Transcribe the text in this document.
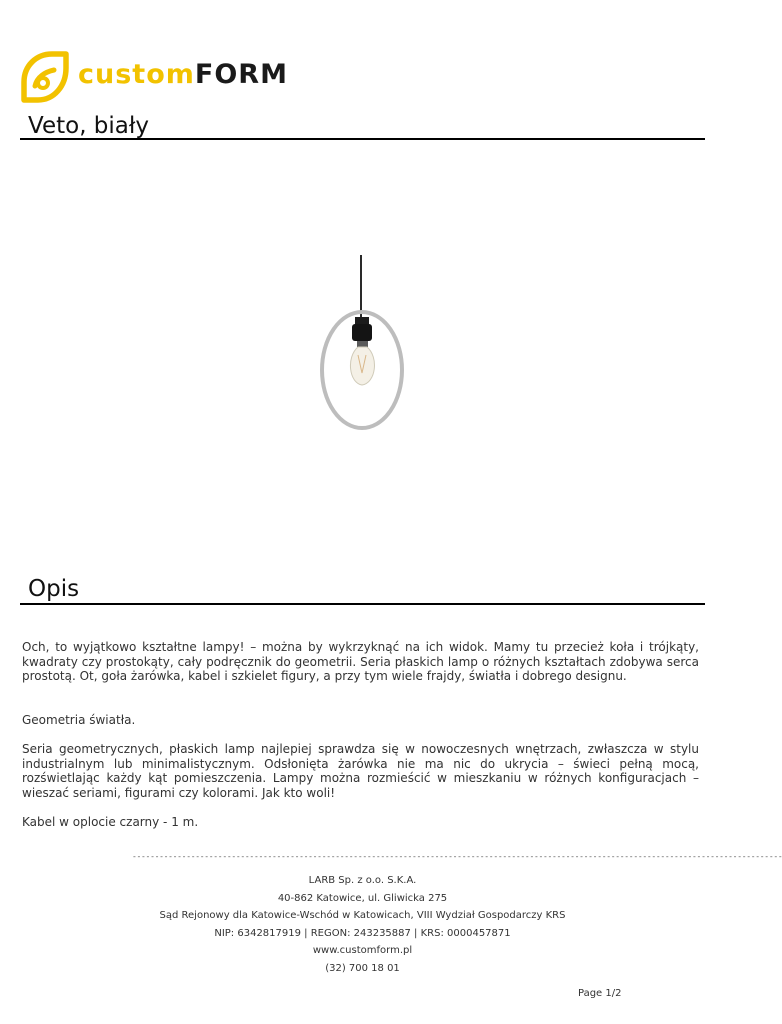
customFORM
Veto, biały
Opis

Och, to wyjątkowo kształtne lampy! – można by wykrzyknąć na ich widok. Mamy tu przecież koła i trójkąty, kwadraty czy prostokąty, cały podręcznik do geometrii. Seria płaskich lamp o różnych kształtach zdobywa serca prostotą. Ot, goła żarówka, kabel i szkielet figury, a przy tym wiele frajdy, światła i dobrego designu.

Geometria światła.

Seria geometrycznych, płaskich lamp najlepiej sprawdza się w nowoczesnych wnętrzach, zwłaszcza w stylu industrialnym lub minimalistycznym. Odsłonięta żarówka nie ma nic do ukrycia – świeci pełną mocą, rozświetlając każdy kąt pomieszczenia. Lampy można rozmieścić w mieszkaniu w różnych konfiguracjach – wieszać seriami, figurami czy kolorami. Jak kto woli!

Kabel w oplocie czarny - 1 m.

------------------------------------------------------------------------------------------------------------------------------------------------

LARB Sp. z o.o. S.K.A.

40-862 Katowice, ul. Gliwicka 275

Sąd Rejonowy dla Katowice-Wschód w Katowicach, VIII Wydział Gospodarczy KRS

NIP: 6342817919 | REGON: 243235887 | KRS: 0000457871

www.customform.pl

(32) 700 18 01

Page 1/2
